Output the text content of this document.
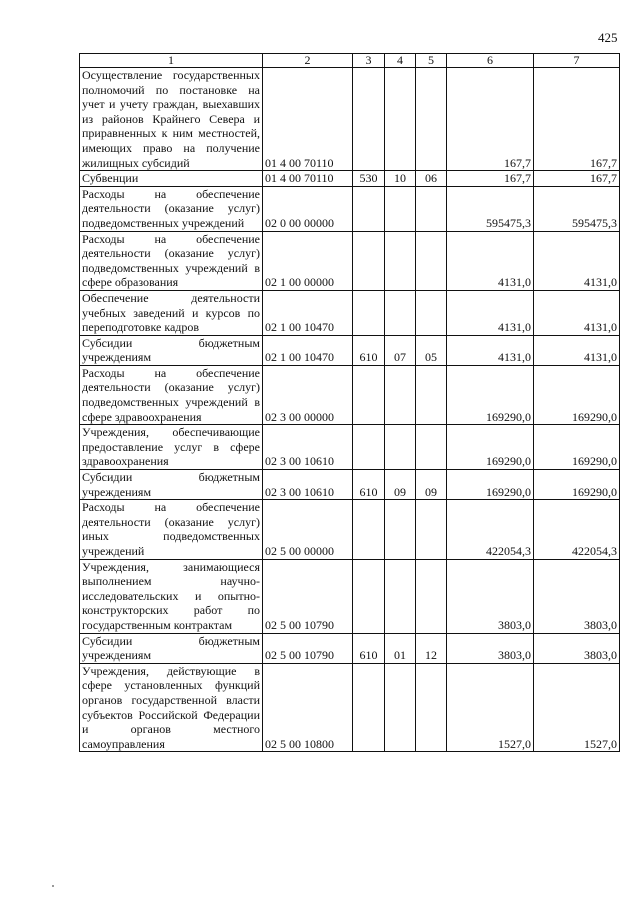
425
1	2	3	4	5	6	7
Осуществление государственных полномочий по постановке на учет и учету граждан, выехавших из районов Крайнего Севера и приравненных к ним местностей, имеющих право на получение жилищных субсидий	01 4 00 70110				167,7	167,7
Субвенции	01 4 00 70110	530	10	06	167,7	167,7
Расходы на обеспечение деятельности (оказание услуг) подведомственных учреждений	02 0 00 00000				595475,3	595475,3
Расходы на обеспечение деятельности (оказание услуг) подведомственных учреждений в сфере образования	02 1 00 00000				4131,0	4131,0
Обеспечение деятельности учебных заведений и курсов по переподготовке кадров	02 1 00 10470				4131,0	4131,0
Субсидии бюджетным учреждениям	02 1 00 10470	610	07	05	4131,0	4131,0
Расходы на обеспечение деятельности (оказание услуг) подведомственных учреждений в сфере здравоохранения	02 3 00 00000				169290,0	169290,0
Учреждения, обеспечивающие предоставление услуг в сфере здравоохранения	02 3 00 10610				169290,0	169290,0
Субсидии бюджетным учреждениям	02 3 00 10610	610	09	09	169290,0	169290,0
Расходы на обеспечение деятельности (оказание услуг) иных подведомственных учреждений	02 5 00 00000				422054,3	422054,3
Учреждения, занимающиеся выполнением научно-исследовательских и опытно-конструкторских работ по государственным контрактам	02 5 00 10790				3803,0	3803,0
Субсидии бюджетным учреждениям	02 5 00 10790	610	01	12	3803,0	3803,0
Учреждения, действующие в сфере установленных функций органов государственной власти субъектов Российской Федерации и органов местного самоуправления	02 5 00 10800				1527,0	1527,0
